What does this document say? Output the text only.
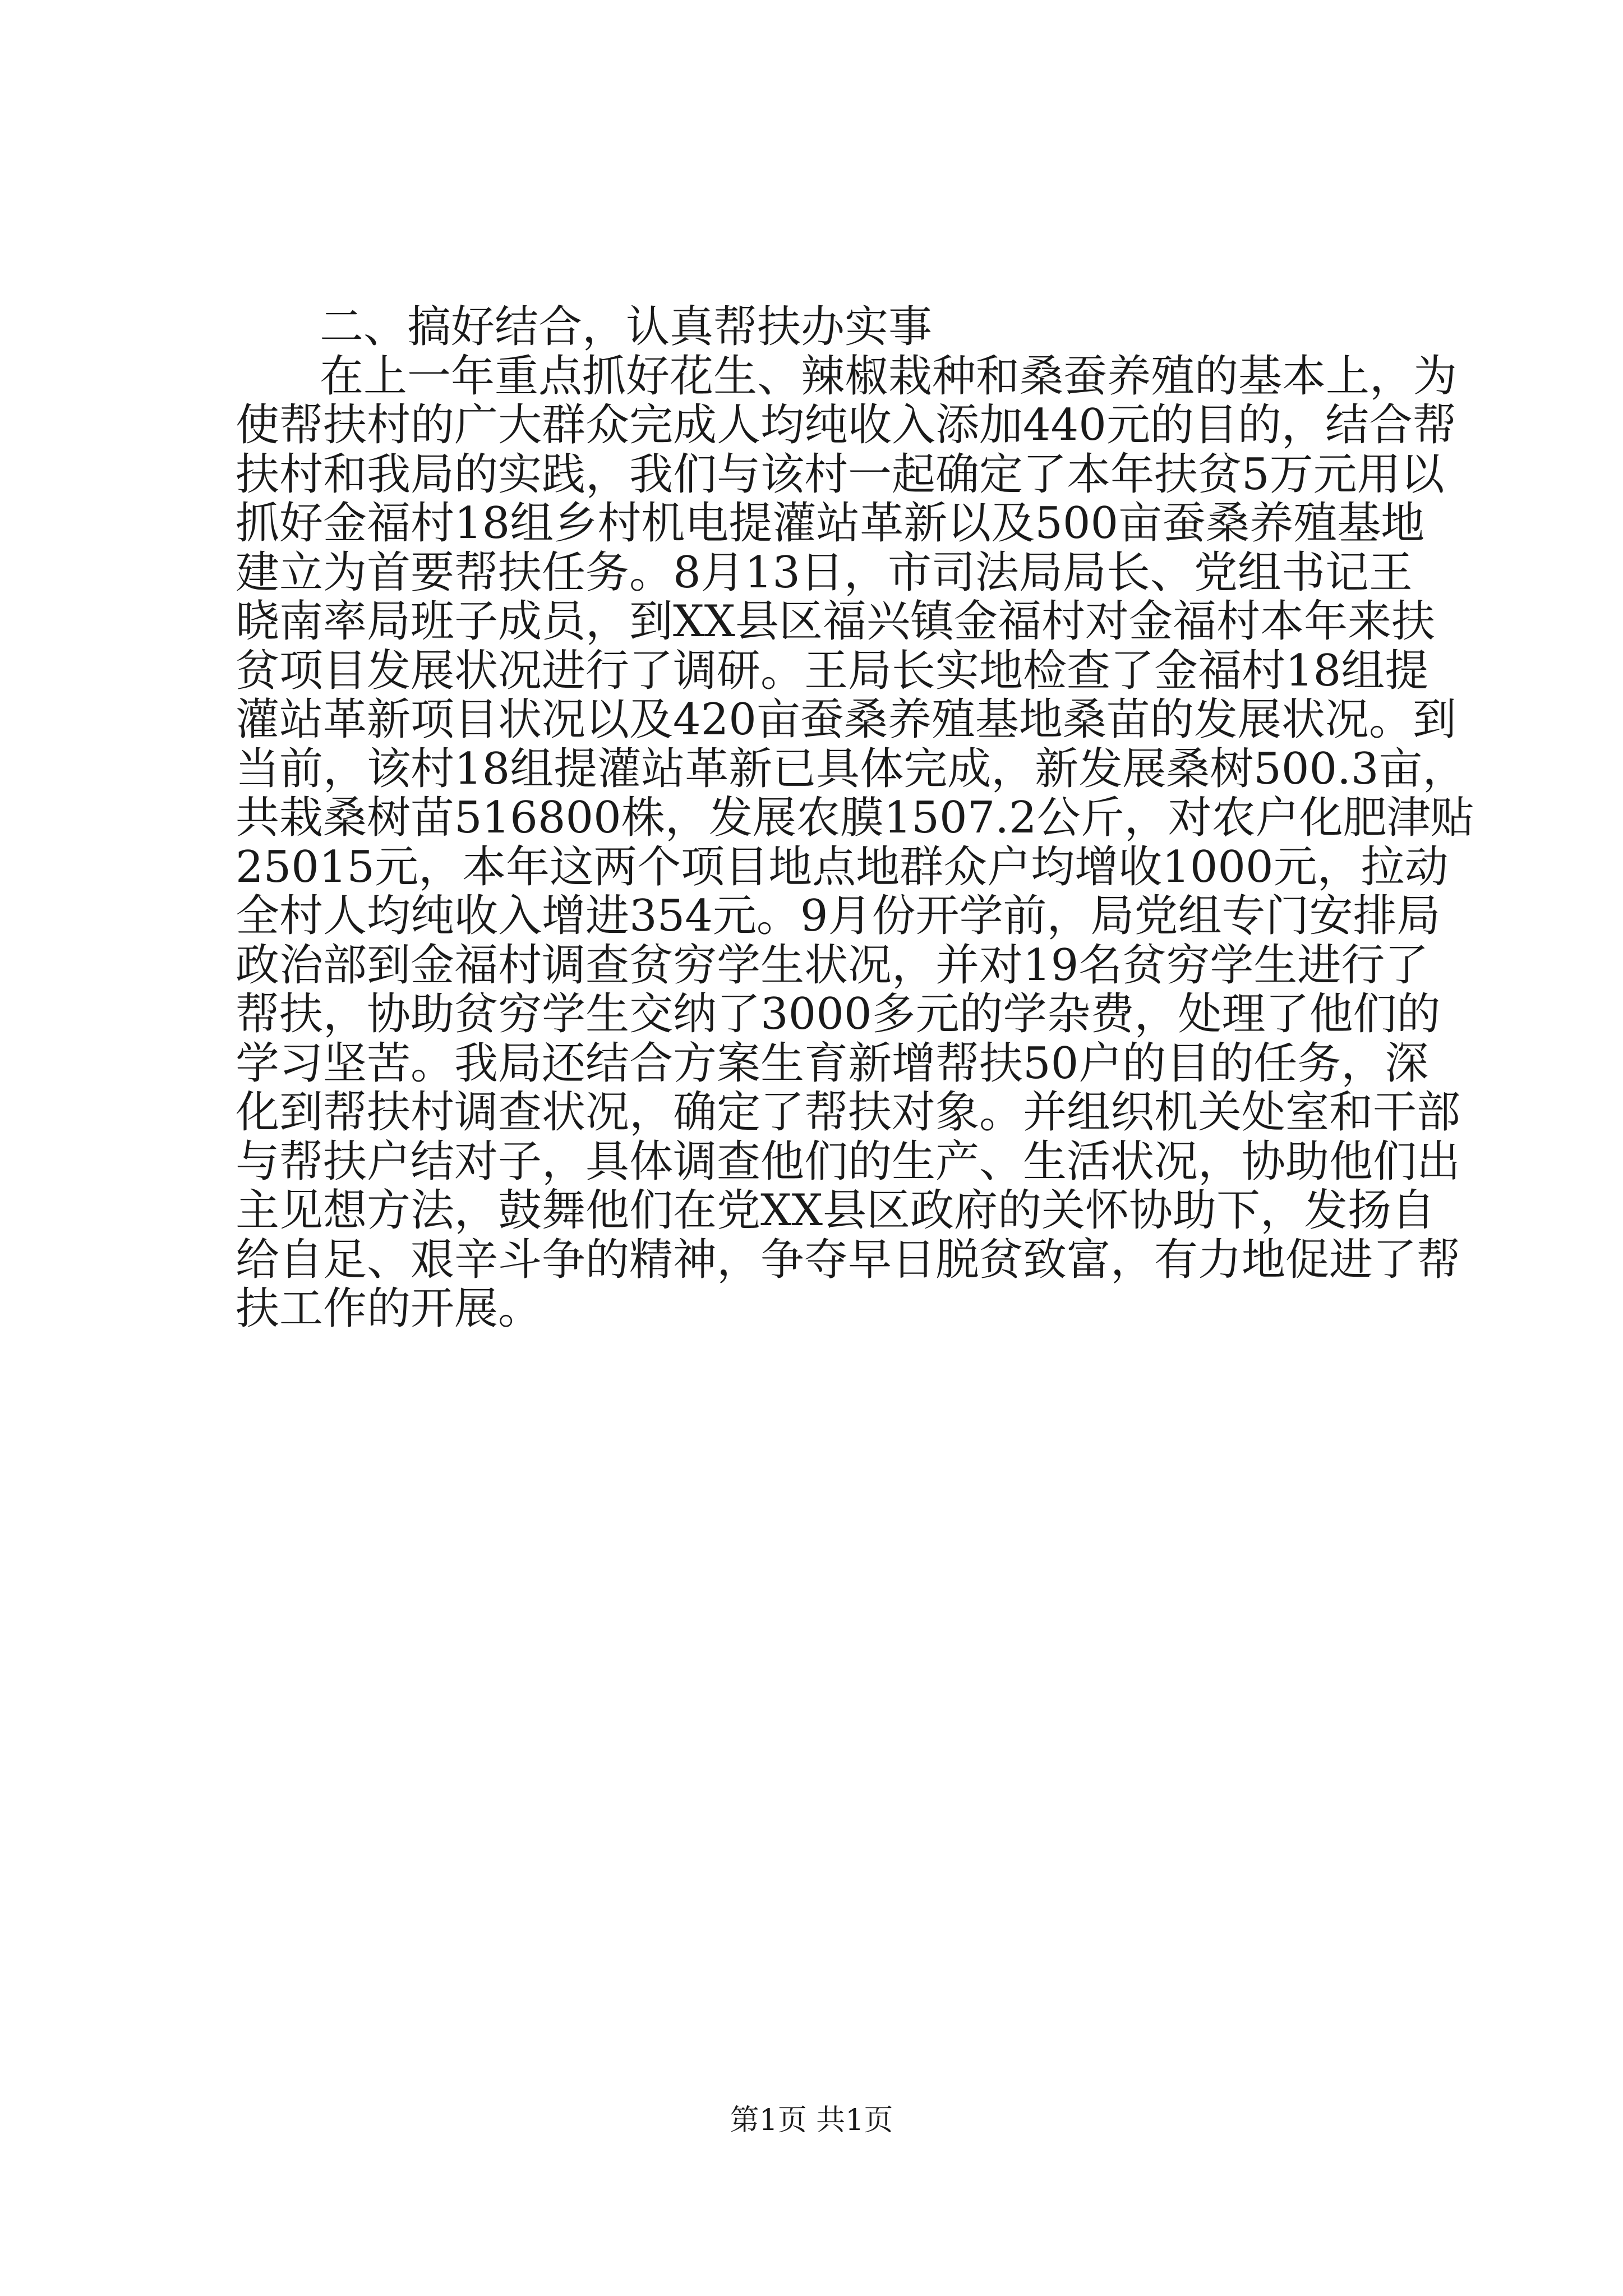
二、搞好结合，认真帮扶办实事
在上一年重点抓好花生、辣椒栽种和桑蚕养殖的基本上，为
使帮扶村的广大群众完成人均纯收入添加440元的目的，结合帮
扶村和我局的实践，我们与该村一起确定了本年扶贫5万元用以
抓好金福村18组乡村机电提灌站革新以及500亩蚕桑养殖基地
建立为首要帮扶任务。8月13日，市司法局局长、党组书记王
晓南率局班子成员，到XX县区福兴镇金福村对金福村本年来扶
贫项目发展状况进行了调研。王局长实地检查了金福村18组提
灌站革新项目状况以及420亩蚕桑养殖基地桑苗的发展状况。到
当前，该村18组提灌站革新已具体完成，新发展桑树500.3亩，
共栽桑树苗516800株，发展农膜1507.2公斤，对农户化肥津贴
25015元，本年这两个项目地点地群众户均增收1000元，拉动
全村人均纯收入增进354元。9月份开学前，局党组专门安排局
政治部到金福村调查贫穷学生状况，并对19名贫穷学生进行了
帮扶，协助贫穷学生交纳了3000多元的学杂费，处理了他们的
学习坚苦。我局还结合方案生育新增帮扶50户的目的任务，深
化到帮扶村调查状况，确定了帮扶对象。并组织机关处室和干部
与帮扶户结对子，具体调查他们的生产、生活状况，协助他们出
主见想方法，鼓舞他们在党XX县区政府的关怀协助下，发扬自
给自足、艰辛斗争的精神，争夺早日脱贫致富，有力地促进了帮
扶工作的开展。
第1页 共1页
